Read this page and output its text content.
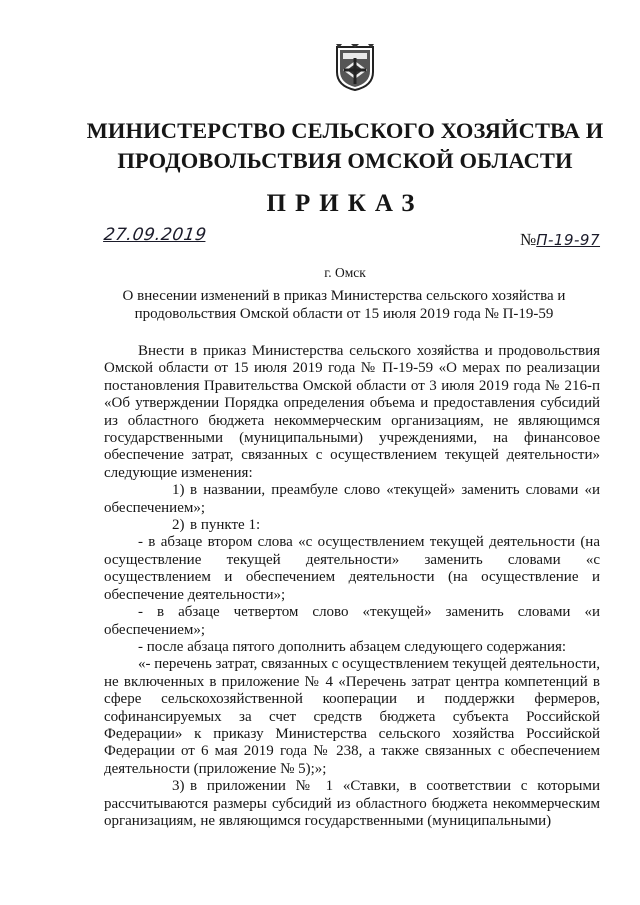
МИНИСТЕРСТВО СЕЛЬСКОГО ХОЗЯЙСТВА И
ПРОДОВОЛЬСТВИЯ ОМСКОЙ ОБЛАСТИ
ПРИКАЗ
27.09.2019	№П-19-97
г. Омск
О внесении изменений в приказ Министерства сельского хозяйства и
продовольствия Омской области от 15 июля 2019 года № П-19-59

Внести в приказ Министерства сельского хозяйства и продовольствия Омской области от 15 июля 2019 года № П-19-59 «О мерах по реализации постановления Правительства Омской области от 3 июля 2019 года № 216-п «Об утверждении Порядка определения объема и предоставления субсидий из областного бюджета некоммерческим организациям, не являющимся государственными (муниципальными) учреждениями, на финансовое обеспечение затрат, связанных с осуществлением текущей деятельности» следующие изменения:

1) в названии, преамбуле слово «текущей» заменить словами «и обеспечением»;

2) в пункте 1:

- в абзаце втором слова «с осуществлением текущей деятельности (на осуществление текущей деятельности» заменить словами «с осуществлением и обеспечением деятельности (на осуществление и обеспечение деятельности»;

- в абзаце четвертом слово «текущей» заменить словами «и обеспечением»;

- после абзаца пятого дополнить абзацем следующего содержания:

«- перечень затрат, связанных с осуществлением текущей деятельности, не включенных в приложение № 4 «Перечень затрат центра компетенций в сфере сельскохозяйственной кооперации и поддержки фермеров, софинансируемых за счет средств бюджета субъекта Российской Федерации» к приказу Министерства сельского хозяйства Российской Федерации от 6 мая 2019 года № 238, а также связанных с обеспечением деятельности (приложение № 5);»;

3) в приложении № 1 «Ставки, в соответствии с которыми рассчитываются размеры субсидий из областного бюджета некоммерческим организациям, не являющимся государственными (муниципальными)
